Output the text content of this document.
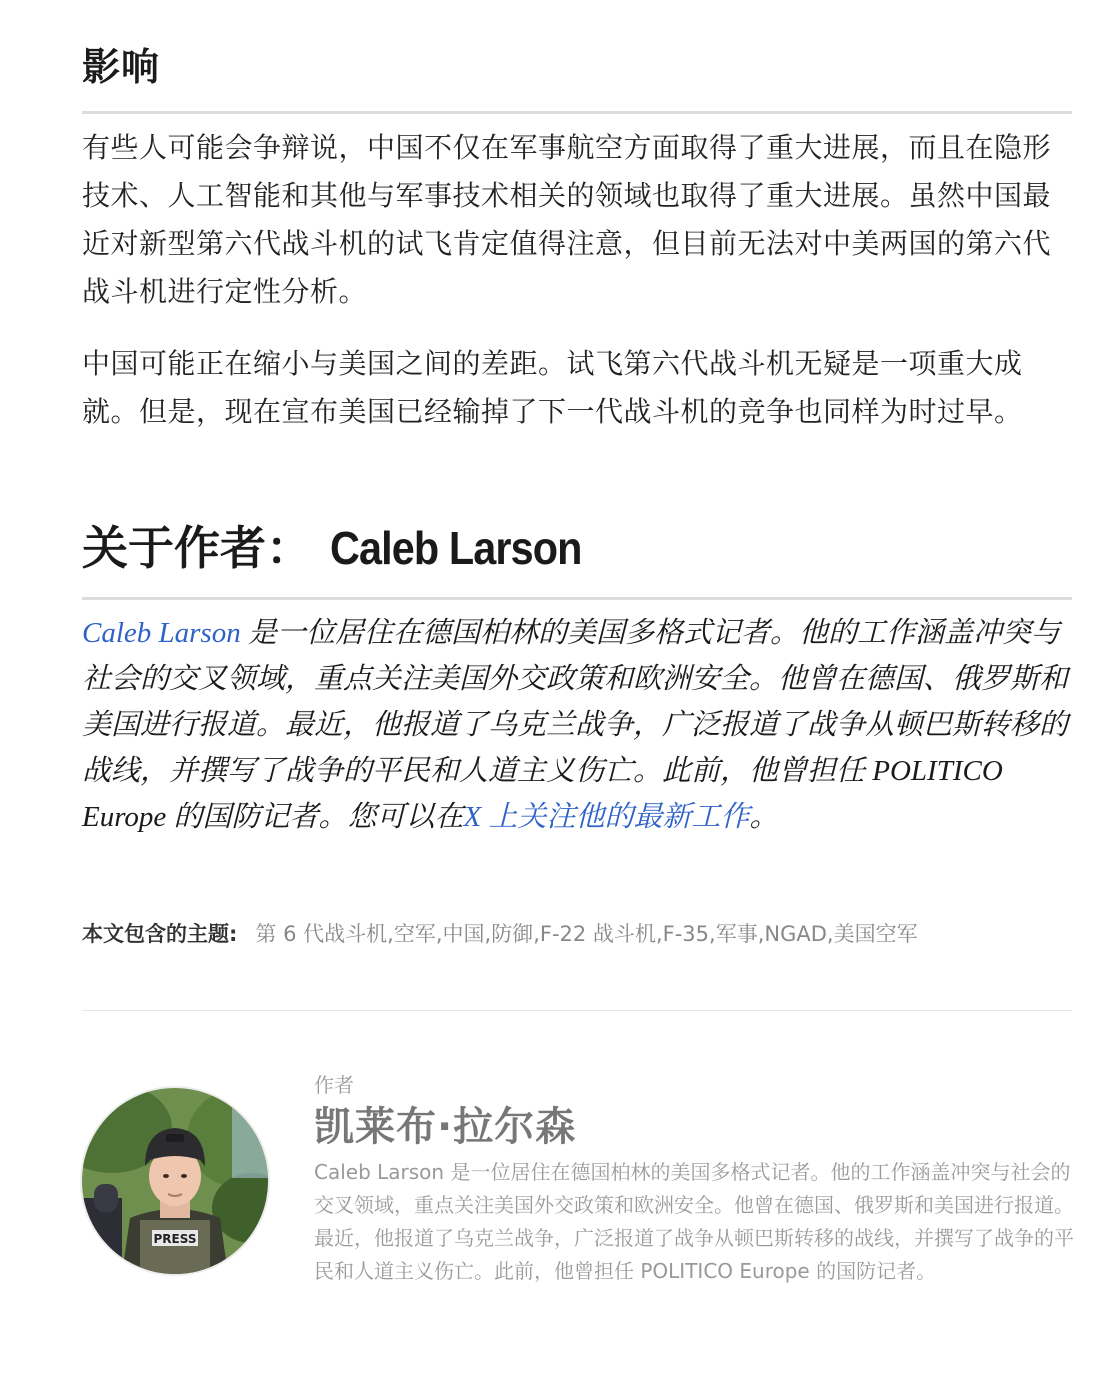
影响

有些人可能会争辩说，中国不仅在军事航空方面取得了重大进展，而且在隐形技术、人工智能和其他与军事技术相关的领域也取得了重大进展。虽然中国最近对新型第六代战斗机的试飞肯定值得注意，但目前无法对中美两国的第六代战斗机进行定性分析。

中国可能正在缩小与美国之间的差距。试飞第六代战斗机无疑是一项重大成就。但是，现在宣布美国已经输掉了下一代战斗机的竞争也同样为时过早。

关于作者： Caleb Larson

Caleb Larson 是一位居住在德国柏林的美国多格式记者。他的工作涵盖冲突与社会的交叉领域，重点关注美国外交政策和欧洲安全。他曾在德国、俄罗斯和美国进行报道。最近，他报道了乌克兰战争，广泛报道了战争从顿巴斯转移的战线，并撰写了战争的平民和人道主义伤亡。此前，他曾担任 POLITICO Europe 的国防记者。您可以在X 上关注他的最新工作。

本文包含的主题: 第 6 代战斗机,空军,中国,防御,F-22 战斗机,F-35,军事,NGAD,美国空军
PRESS
作者
凯莱布·拉尔森
Caleb Larson 是一位居住在德国柏林的美国多格式记者。他的工作涵盖冲突与社会的交叉领域，重点关注美国外交政策和欧洲安全。他曾在德国、俄罗斯和美国进行报道。最近，他报道了乌克兰战争，广泛报道了战争从顿巴斯转移的战线，并撰写了战争的平民和人道主义伤亡。此前，他曾担任 POLITICO Europe 的国防记者。
